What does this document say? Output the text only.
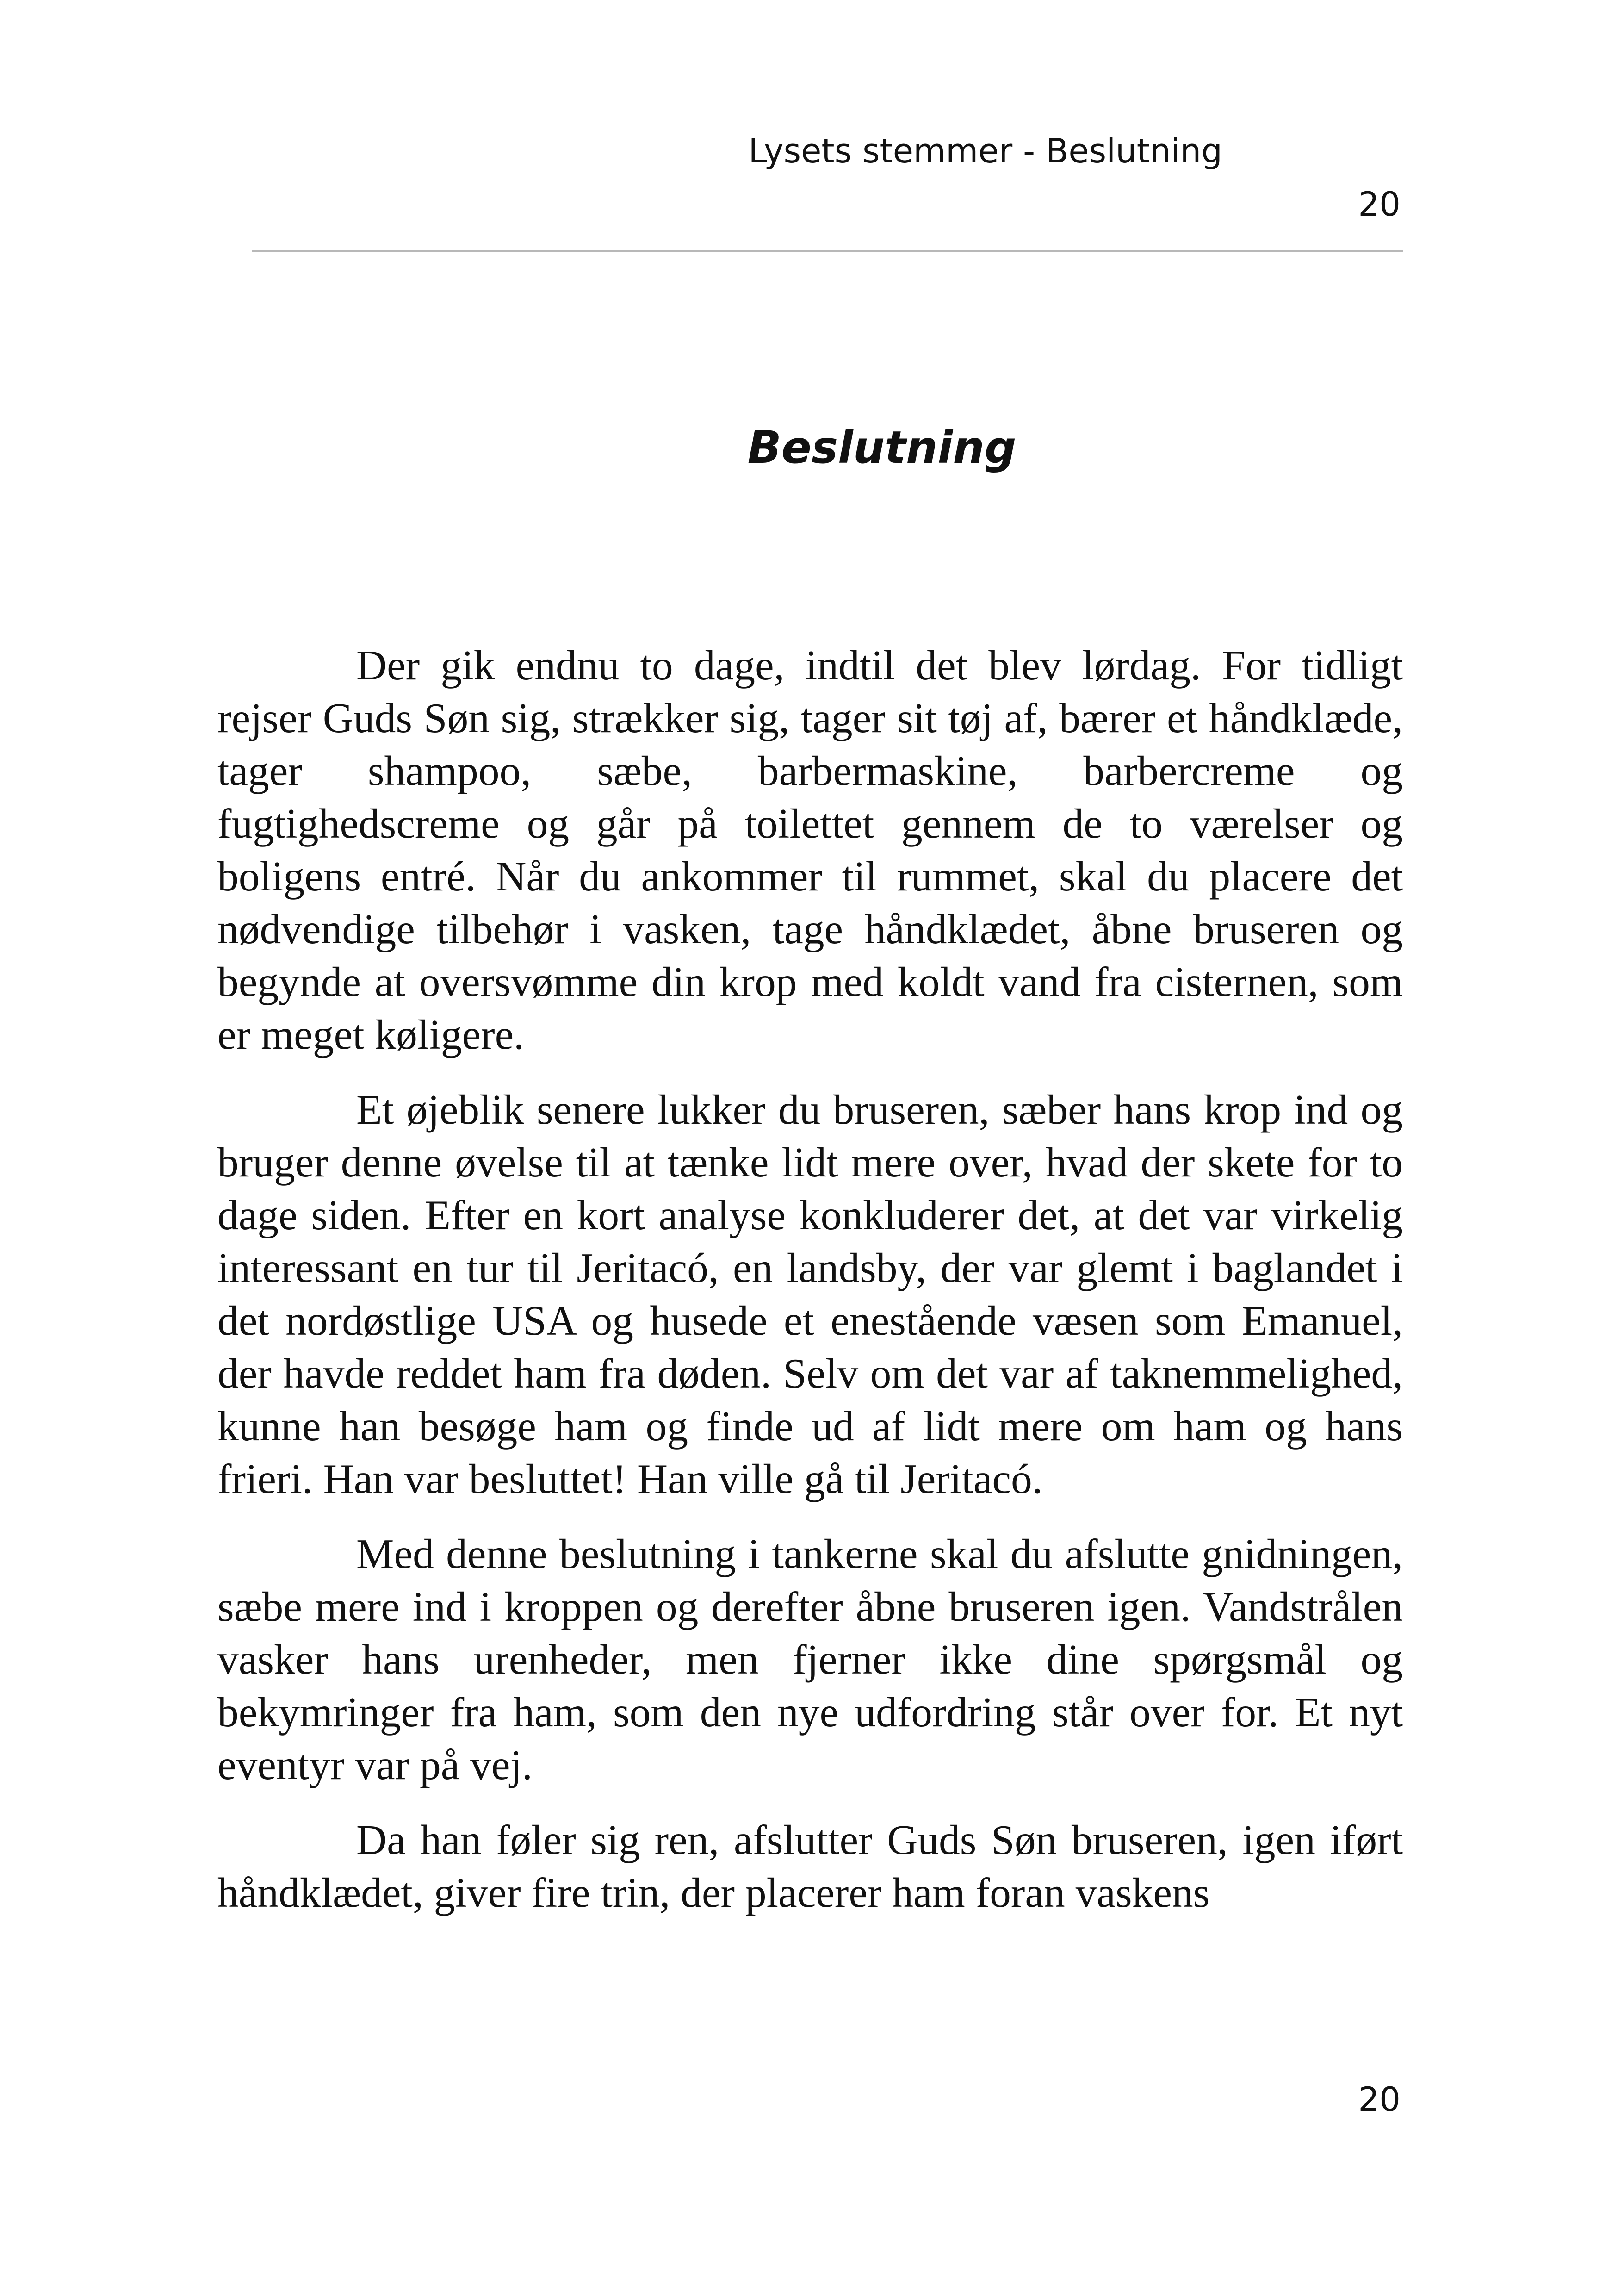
Lysets stemmer - Beslutning
20
Beslutning

Der gik endnu to dage, indtil det blev lørdag. For tidligt rejser Guds Søn sig, strækker sig, tager sit tøj af, bærer et håndklæde, tager shampoo, sæbe, barbermaskine, barbercreme og fugtighedscreme og går på toilettet gennem de to værelser og boligens entré. Når du ankommer til rummet, skal du placere det nødvendige tilbehør i vasken, tage håndklædet, åbne bruseren og begynde at oversvømme din krop med koldt vand fra cisternen, som er meget køligere.

Et øjeblik senere lukker du bruseren, sæber hans krop ind og bruger denne øvelse til at tænke lidt mere over, hvad der skete for to dage siden. Efter en kort analyse konkluderer det, at det var virkelig interessant en tur til Jeritacó, en landsby, der var glemt i baglandet i det nordøstlige USA og husede et enestående væsen som Emanuel, der havde reddet ham fra døden. Selv om det var af taknemmelighed, kunne han besøge ham og finde ud af lidt mere om ham og hans frieri. Han var besluttet! Han ville gå til Jeritacó.

Med denne beslutning i tankerne skal du afslutte gnidningen, sæbe mere ind i kroppen og derefter åbne bruseren igen. Vandstrålen vasker hans urenheder, men fjerner ikke dine spørgsmål og bekymringer fra ham, som den nye udfordring står over for. Et nyt eventyr var på vej.

Da han føler sig ren, afslutter Guds Søn bruseren, igen iført håndklædet, giver fire trin, der placerer ham foran vaskens

20
